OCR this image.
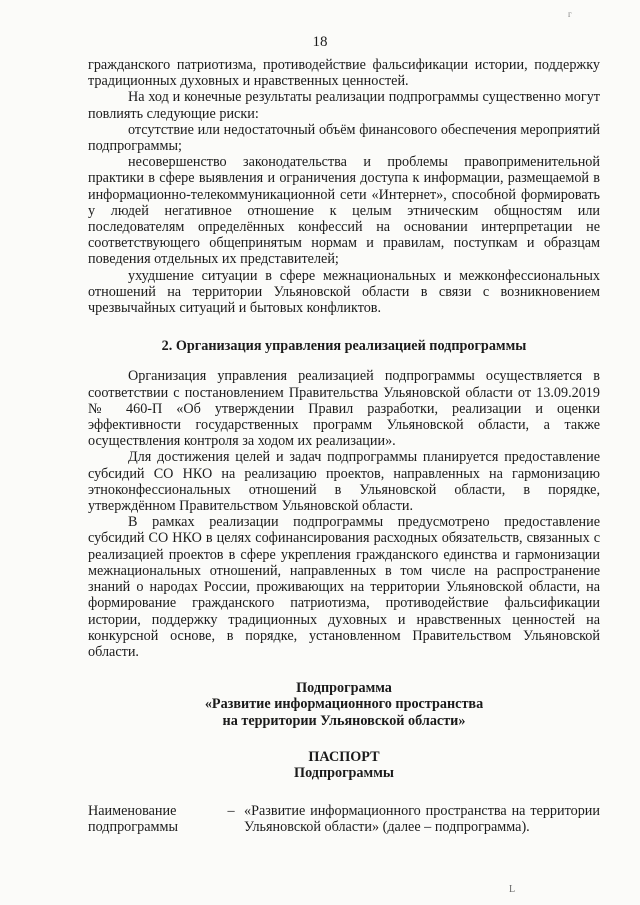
г
18

гражданского патриотизма, противодействие фальсификации истории, поддержку традиционных духовных и нравственных ценностей.

На ход и конечные результаты реализации подпрограммы существенно могут повлиять следующие риски:

отсутствие или недостаточный объём финансового обеспечения мероприятий подпрограммы;

несовершенство законодательства и проблемы правоприменительной практики в сфере выявления и ограничения доступа к информации, размещаемой в информационно-телекоммуникационной сети «Интернет», способной формировать у людей негативное отношение к целым этническим общностям или последователям определённых конфессий на основании интерпретации не соответствующего общепринятым нормам и правилам, поступкам и образцам поведения отдельных их представителей;

ухудшение ситуации в сфере межнациональных и межконфессиональных отношений на территории Ульяновской области в связи с возникновением чрезвычайных ситуаций и бытовых конфликтов.

2. Организация управления реализацией подпрограммы

Организация управления реализацией подпрограммы осуществляется в соответствии с постановлением Правительства Ульяновской области от 13.09.2019 № 460-П «Об утверждении Правил разработки, реализации и оценки эффективности государственных программ Ульяновской области, а также осуществления контроля за ходом их реализации».

Для достижения целей и задач подпрограммы планируется предоставление субсидий СО НКО на реализацию проектов, направленных на гармонизацию этноконфессиональных отношений в Ульяновской области, в порядке, утверждённом Правительством Ульяновской области.

В рамках реализации подпрограммы предусмотрено предоставление субсидий СО НКО в целях софинансирования расходных обязательств, связанных с реализацией проектов в сфере укрепления гражданского единства и гармонизации межнациональных отношений, направленных в том числе на распространение знаний о народах России, проживающих на территории Ульяновской области, на формирование гражданского патриотизма, противодействие фальсификации истории, поддержку традиционных духовных и нравственных ценностей на конкурсной основе, в порядке, установленном Правительством Ульяновской области.

Подпрограмма

«Развитие информационного пространства

на территории Ульяновской области»

ПАСПОРТ

Подпрограммы

Наименование подпрограммы
– «Развитие информационного пространства на территории Ульяновской области» (далее – подпрограмма).
L
